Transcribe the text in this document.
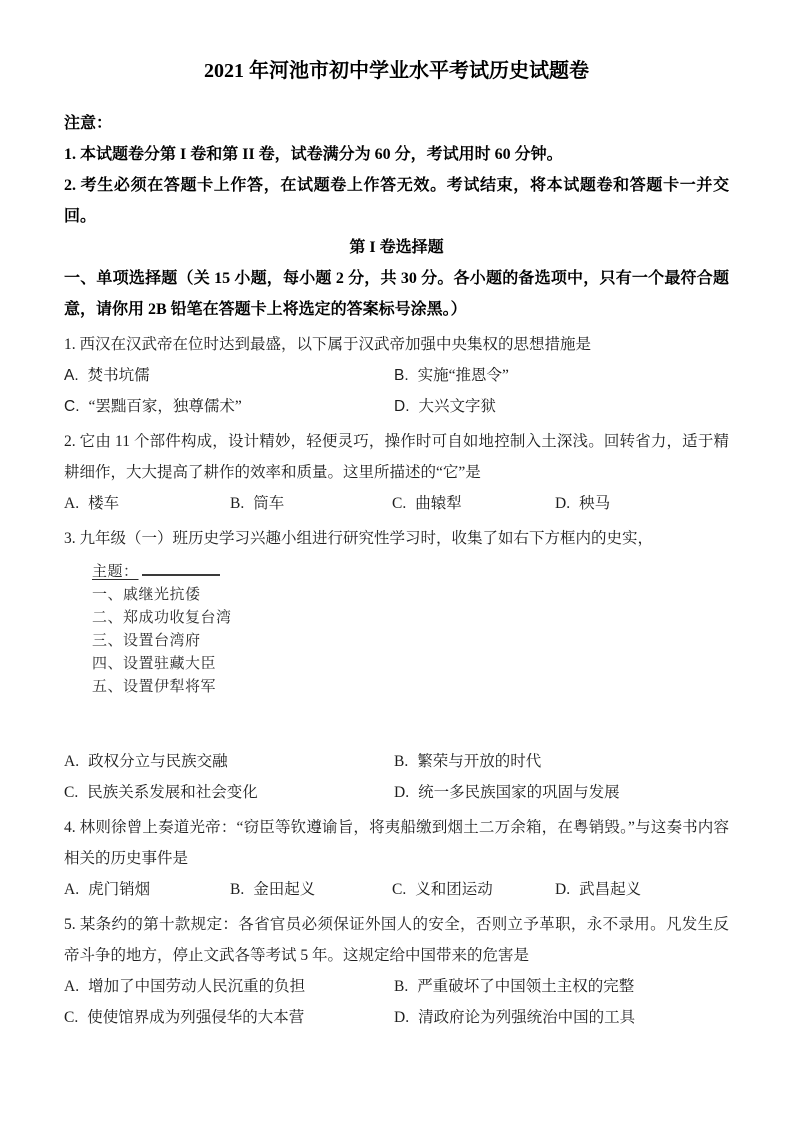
2021 年河池市初中学业水平考试历史试题卷

注意：

1. 本试题卷分第 I 卷和第 II 卷，试卷满分为 60 分，考试用时 60 分钟。

2. 考生必须在答题卡上作答，在试题卷上作答无效。考试结束，将本试题卷和答题卡一并交回。

第 I 卷选择题

一、单项选择题（关 15 小题，每小题 2 分，共 30 分。各小题的备选项中，只有一个最符合题意，请你用 2B 铅笔在答题卡上将选定的答案标号涂黑。）

1. 西汉在汉武帝在位时达到最盛，以下属于汉武帝加强中央集权的思想措施是

A. 焚书坑儒	B. 实施“推恩令”
C. “罢黜百家，独尊儒术”	D. 大兴文字狱

2. 它由 11 个部件构成，设计精妙，轻便灵巧，操作时可自如地控制入土深浅。回转省力，适于精耕细作，大大提高了耕作的效率和质量。这里所描述的“它”是

A. 楼车	B. 筒车	C. 曲辕犁	D. 秧马

3. 九年级（一）班历史学习兴趣小组进行研究性学习时，收集了如右下方框内的史实，

主题：

一、戚继光抗倭

二、郑成功收复台湾

三、设置台湾府

四、设置驻藏大臣

五、设置伊犁将军

A. 政权分立与民族交融	B. 繁荣与开放的时代
C. 民族关系发展和社会变化	D. 统一多民族国家的巩固与发展

4. 林则徐曾上奏道光帝：“窃臣等钦遵谕旨，将夷船缴到烟土二万余箱，在粤销毁。”与这奏书内容相关的历史事件是

A. 虎门销烟	B. 金田起义	C. 义和团运动	D. 武昌起义

5. 某条约的第十款规定：各省官员必须保证外国人的安全，否则立予革职，永不录用。凡发生反帝斗争的地方，停止文武各等考试 5 年。这规定给中国带来的危害是

A. 增加了中国劳动人民沉重的负担	B. 严重破坏了中国领土主权的完整
C. 使使馆界成为列强侵华的大本营	D. 清政府论为列强统治中国的工具
